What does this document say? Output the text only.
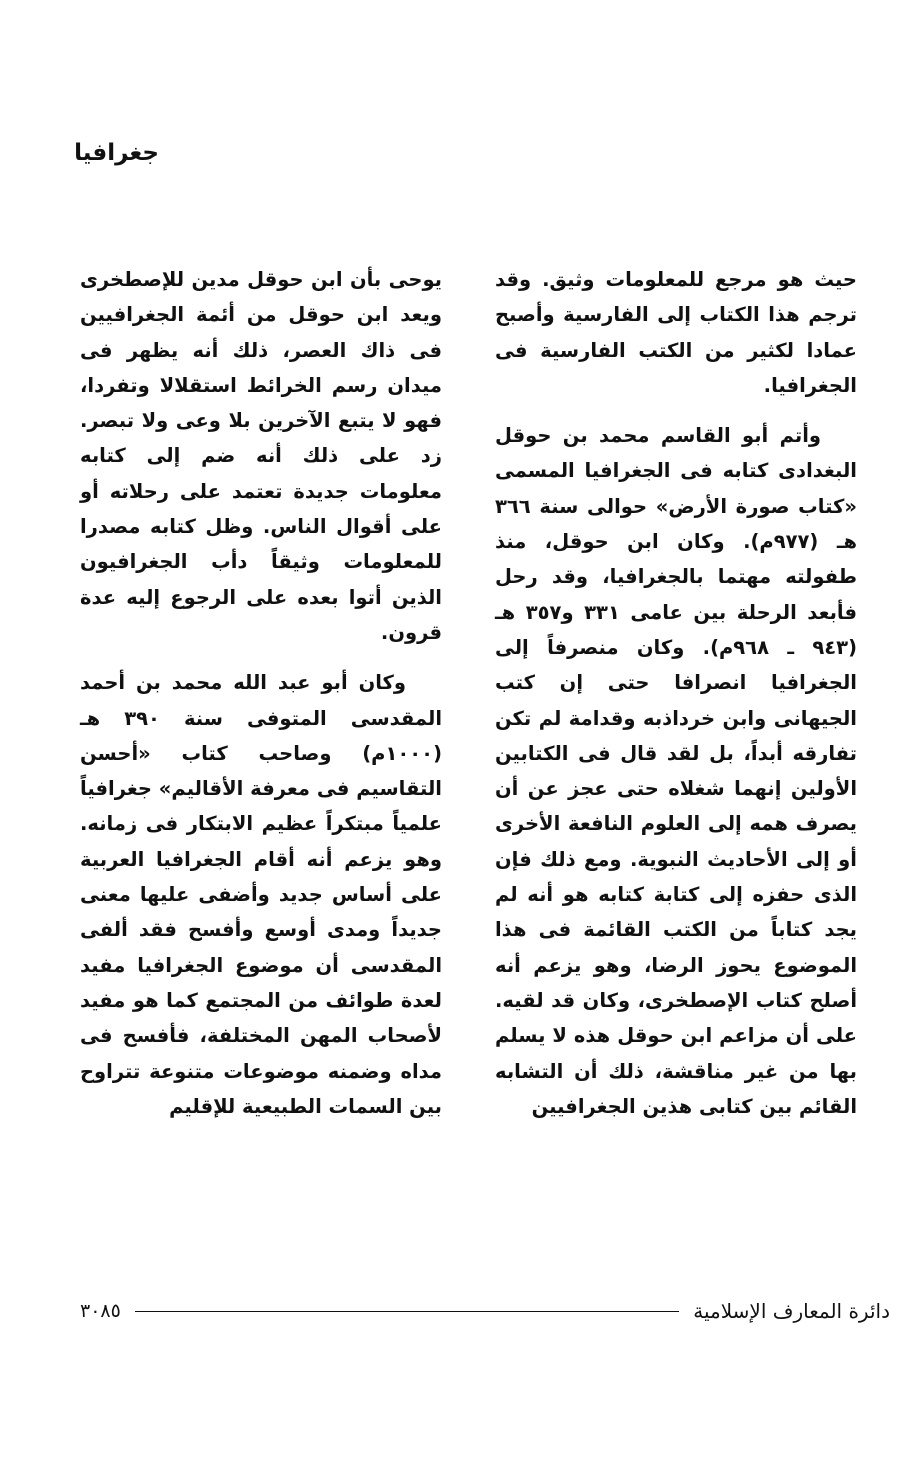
جغرافيا

حيث هو مرجع للمعلومات وثيق. وقد ترجم هذا الكتاب إلى الفارسية وأصبح عمادا لكثير من الكتب الفارسية فى الجغرافيا.

وأتم أبو القاسم محمد بن حوقل البغدادى كتابه فى الجغرافيا المسمى «كتاب صورة الأرض» حوالى سنة ٣٦٦ هـ (٩٧٧م). وكان ابن حوقل، منذ طفولته مهتما بالجغرافيا، وقد رحل فأبعد الرحلة بين عامى ٣٣١ و٣٥٧ هـ (٩٤٣ ـ ٩٦٨م). وكان منصرفاً إلى الجغرافيا انصرافا حتى إن كتب الجيهانى وابن خرداذبه وقدامة لم تكن تفارقه أبداً، بل لقد قال فى الكتابين الأولين إنهما شغلاه حتى عجز عن أن يصرف همه إلى العلوم النافعة الأخرى أو إلى الأحاديث النبوية. ومع ذلك فإن الذى حفزه إلى كتابة كتابه هو أنه لم يجد كتاباً من الكتب القائمة فى هذا الموضوع يحوز الرضا، وهو يزعم أنه أصلح كتاب الإصطخرى، وكان قد لقيه. على أن مزاعم ابن حوقل هذه لا يسلم بها من غير مناقشة، ذلك أن التشابه القائم بين كتابى هذين الجغرافيين

يوحى بأن ابن حوقل مدين للإصطخرى ويعد ابن حوقل من أئمة الجغرافيين فى ذاك العصر، ذلك أنه يظهر فى ميدان رسم الخرائط استقلالا وتفردا، فهو لا يتبع الآخرين بلا وعى ولا تبصر. زد على ذلك أنه ضم إلى كتابه معلومات جديدة تعتمد على رحلاته أو على أقوال الناس. وظل كتابه مصدرا للمعلومات وثيقاً دأب الجغرافيون الذين أتوا بعده على الرجوع إليه عدة قرون.

وكان أبو عبد الله محمد بن أحمد المقدسى المتوفى سنة ٣٩٠ هـ (١٠٠٠م) وصاحب كتاب «أحسن التقاسيم فى معرفة الأقاليم» جغرافياً علمياً مبتكراً عظيم الابتكار فى زمانه. وهو يزعم أنه أقام الجغرافيا العربية على أساس جديد وأضفى عليها معنى جديداً ومدى أوسع وأفسح فقد ألفى المقدسى أن موضوع الجغرافيا مفيد لعدة طوائف من المجتمع كما هو مفيد لأصحاب المهن المختلفة، فأفسح فى مداه وضمنه موضوعات متنوعة تتراوح بين السمات الطبيعية للإقليم

دائرة المعارف الإسلامية
٣٠٨٥
